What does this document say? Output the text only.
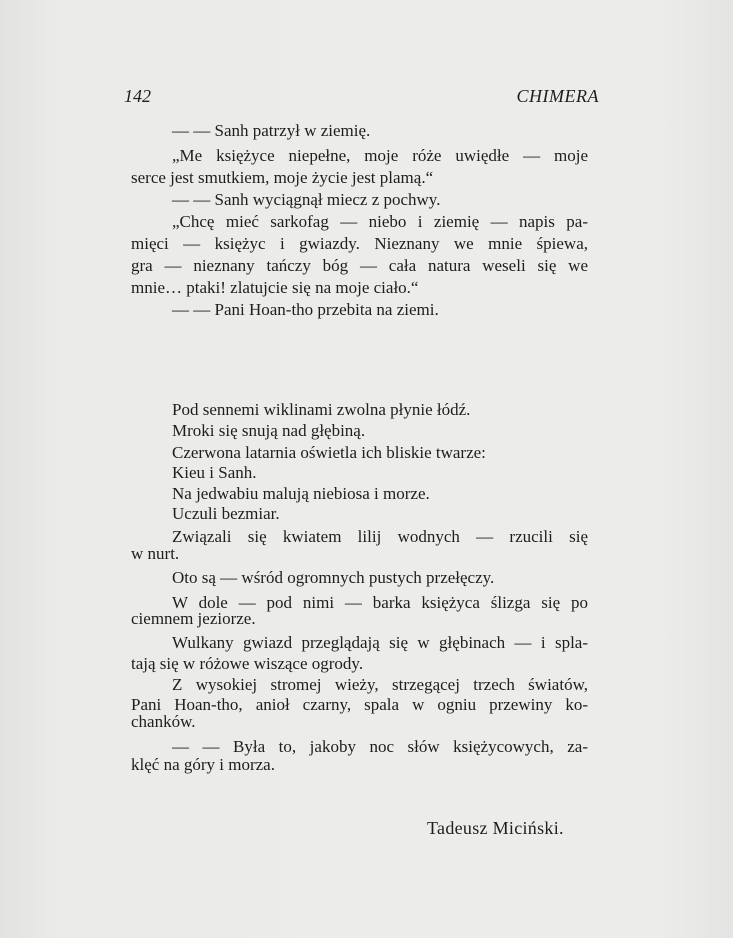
142	CHIMERA
— — Sanh patrzył w ziemię.
„Me księżyce niepełne, moje róże uwiędłe — moje
serce jest smutkiem, moje życie jest plamą.“
— — Sanh wyciągnął miecz z pochwy.
„Chcę mieć sarkofag — niebo i ziemię — napis pa-
mięci — księżyc i gwiazdy. Nieznany we mnie śpiewa,
gra — nieznany tańczy bóg — cała natura weseli się we
mnie… ptaki! zlatujcie się na moje ciało.“
— — Pani Hoan-tho przebita na ziemi.
Pod sennemi wiklinami zwolna płynie łódź.
Mroki się snują nad głębiną.
Czerwona latarnia oświetla ich bliskie twarze:
Kieu i Sanh.
Na jedwabiu malują niebiosa i morze.
Uczuli bezmiar.
Związali się kwiatem lilij wodnych — rzucili się
w nurt.
Oto są — wśród ogromnych pustych przełęczy.
W dole — pod nimi — barka księżyca ślizga się po
ciemnem jeziorze.
Wulkany gwiazd przeglądają się w głębinach — i spla-
tają się w różowe wiszące ogrody.
Z wysokiej stromej wieży, strzegącej trzech światów,
Pani Hoan-tho, anioł czarny, spala w ogniu przewiny ko-
chanków.
— — Była to, jakoby noc słów księżycowych, za-
klęć na góry i morza.
Tadeusz Miciński.
